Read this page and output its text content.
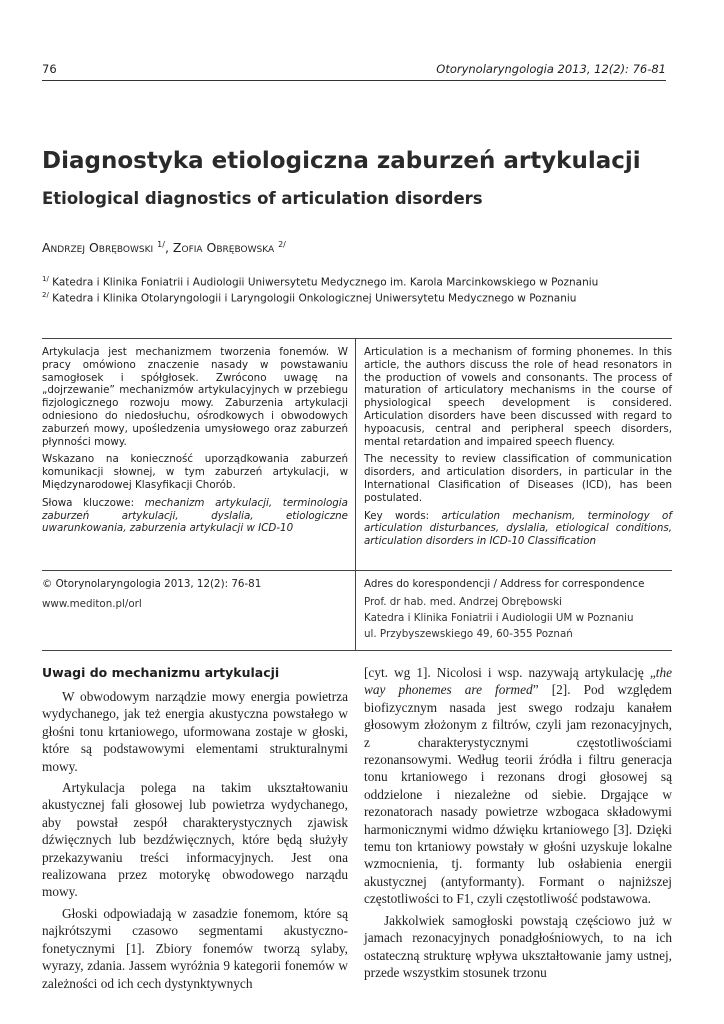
76	Otorynolaryngologia 2013, 12(2): 76-81
Diagnostyka etiologiczna zaburzeń artykulacji
Etiological diagnostics of articulation disorders
Andrzej Obrębowski $^{1/}$, Zofia Obrębowska $^{2/}$
$^{1/}$ Katedra i Klinika Foniatrii i Audiologii Uniwersytetu Medycznego im. Karola Marcinkowskiego w Poznaniu
$^{2/}$ Katedra i Klinika Otolaryngologii i Laryngologii Onkologicznej Uniwersytetu Medycznego w Poznaniu

Artykulacja jest mechanizmem tworzenia fonemów. W pracy omówiono znaczenie nasady w powstawaniu samogłosek i spółgłosek. Zwrócono uwagę na „dojrzewanie” mechanizmów artykulacyjnych w przebiegu fizjologicznego rozwoju mowy. Zaburzenia artykulacji odniesiono do niedosłuchu, ośrodkowych i obwodowych zaburzeń mowy, upośledzenia umysłowego oraz zaburzeń płynności mowy.

Wskazano na konieczność uporządkowania zaburzeń komunikacji słownej, w tym zaburzeń artykulacji, w Międzynarodowej Klasyfikacji Chorób.

Słowa kluczowe: mechanizm artykulacji, terminologia zaburzeń artykulacji, dyslalia, etiologiczne uwarunkowania, zaburzenia artykulacji w ICD-10

Articulation is a mechanism of forming phonemes. In this article, the authors discuss the role of head resonators in the production of vowels and consonants. The process of maturation of articulatory mechanisms in the course of physiological speech development is considered. Articulation disorders have been discussed with regard to hypoacusis, central and peripheral speech disorders, mental retardation and impaired speech fluency.

The necessity to review classification of communication disorders, and articulation disorders, in particular in the International Clasification of Diseases (ICD), has been postulated.

Key words: articulation mechanism, terminology of articulation disturbances, dyslalia, etiological conditions, articulation disorders in ICD-10 Classification

© Otorynolaryngologia 2013, 12(2): 76-81
www.mediton.pl/orl
Adres do korespondencji / Address for correspondence
Prof. dr hab. med. Andrzej Obrębowski
Katedra i Klinika Foniatrii i Audiologii UM w Poznaniu
ul. Przybyszewskiego 49, 60-355 Poznań
Uwagi do mechanizmu artykulacji

W obwodowym narządzie mowy energia powietrza wydychanego, jak też energia akustyczna powstałego w głośni tonu krtaniowego, uformowana zostaje w głoski, które są podstawowymi elementami strukturalnymi mowy.

Artykulacja polega na takim ukształtowaniu akustycznej fali głosowej lub powietrza wydychanego, aby powstał zespół charakterystycznych zjawisk dźwięcznych lub bezdźwięcznych, które będą służyły przekazywaniu treści informacyjnych. Jest ona realizowana przez motorykę obwodowego narządu mowy.

Głoski odpowiadają w zasadzie fonemom, które są najkrótszymi czasowo segmentami akustyczno-fonetycznymi [1]. Zbiory fonemów tworzą sylaby, wyrazy, zdania. Jassem wyróżnia 9 kategorii fonemów w zależności od ich cech dystynktywnych

[cyt. wg 1]. Nicolosi i wsp. nazywają artykulację „the way phonemes are formed” [2]. Pod względem biofizycznym nasada jest swego rodzaju kanałem głosowym złożonym z filtrów, czyli jam rezonacyjnych, z charakterystycznymi częstotliwościami rezonansowymi. Według teorii źródła i filtru generacja tonu krtaniowego i rezonans drogi głosowej są oddzielone i niezależne od siebie. Drgające w rezonatorach nasady powietrze wzbogaca składowymi harmonicznymi widmo dźwięku krtaniowego [3]. Dzięki temu ton krtaniowy powstały w głośni uzyskuje lokalne wzmocnienia, tj. formanty lub osłabienia energii akustycznej (antyformanty). Formant o najniższej częstotliwości to F1, czyli częstotliwość podstawowa.

Jakkolwiek samogłoski powstają częściowo już w jamach rezonacyjnych ponadgłośniowych, to na ich ostateczną strukturę wpływa ukształtowanie jamy ustnej, przede wszystkim stosunek trzonu
